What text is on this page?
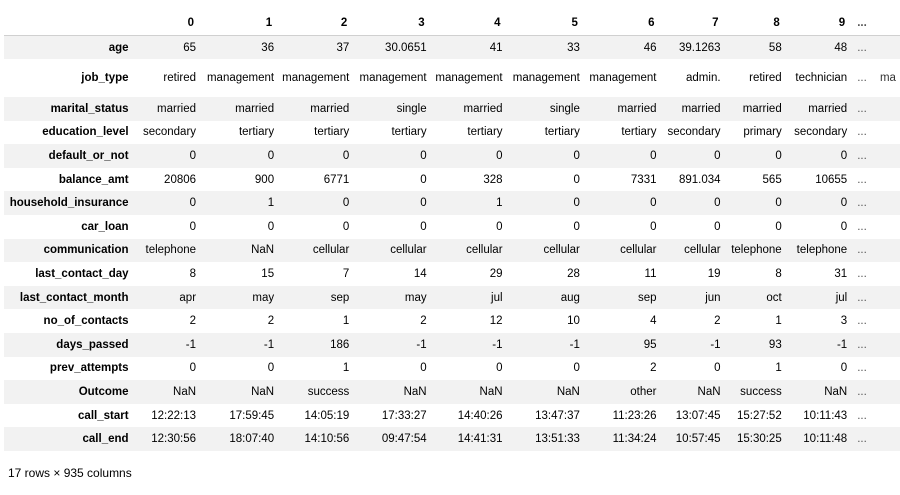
	0	1	2	3	4	5	6	7	8	9	...	
age	65	36	37	30.0651	41	33	46	39.1263	58	48	...	
job_type	retired	management	management	management	management	management	management	admin.	retired	technician	...	ma
marital_status	married	married	married	single	married	single	married	married	married	married	...	
education_level	secondary	tertiary	tertiary	tertiary	tertiary	tertiary	tertiary	secondary	primary	secondary	...	
default_or_not	0	0	0	0	0	0	0	0	0	0	...	
balance_amt	20806	900	6771	0	328	0	7331	891.034	565	10655	...	
household_insurance	0	1	0	0	1	0	0	0	0	0	...	
car_loan	0	0	0	0	0	0	0	0	0	0	...	
communication	telephone	NaN	cellular	cellular	cellular	cellular	cellular	cellular	telephone	telephone	...	
last_contact_day	8	15	7	14	29	28	11	19	8	31	...	
last_contact_month	apr	may	sep	may	jul	aug	sep	jun	oct	jul	...	
no_of_contacts	2	2	1	2	12	10	4	2	1	3	...	
days_passed	-1	-1	186	-1	-1	-1	95	-1	93	-1	...	
prev_attempts	0	0	1	0	0	0	2	0	1	0	...	
Outcome	NaN	NaN	success	NaN	NaN	NaN	other	NaN	success	NaN	...	
call_start	12:22:13	17:59:45	14:05:19	17:33:27	14:40:26	13:47:37	11:23:26	13:07:45	15:27:52	10:11:43	...	
call_end	12:30:56	18:07:40	14:10:56	09:47:54	14:41:31	13:51:33	11:34:24	10:57:45	15:30:25	10:11:48	...	
17 rows × 935 columns
